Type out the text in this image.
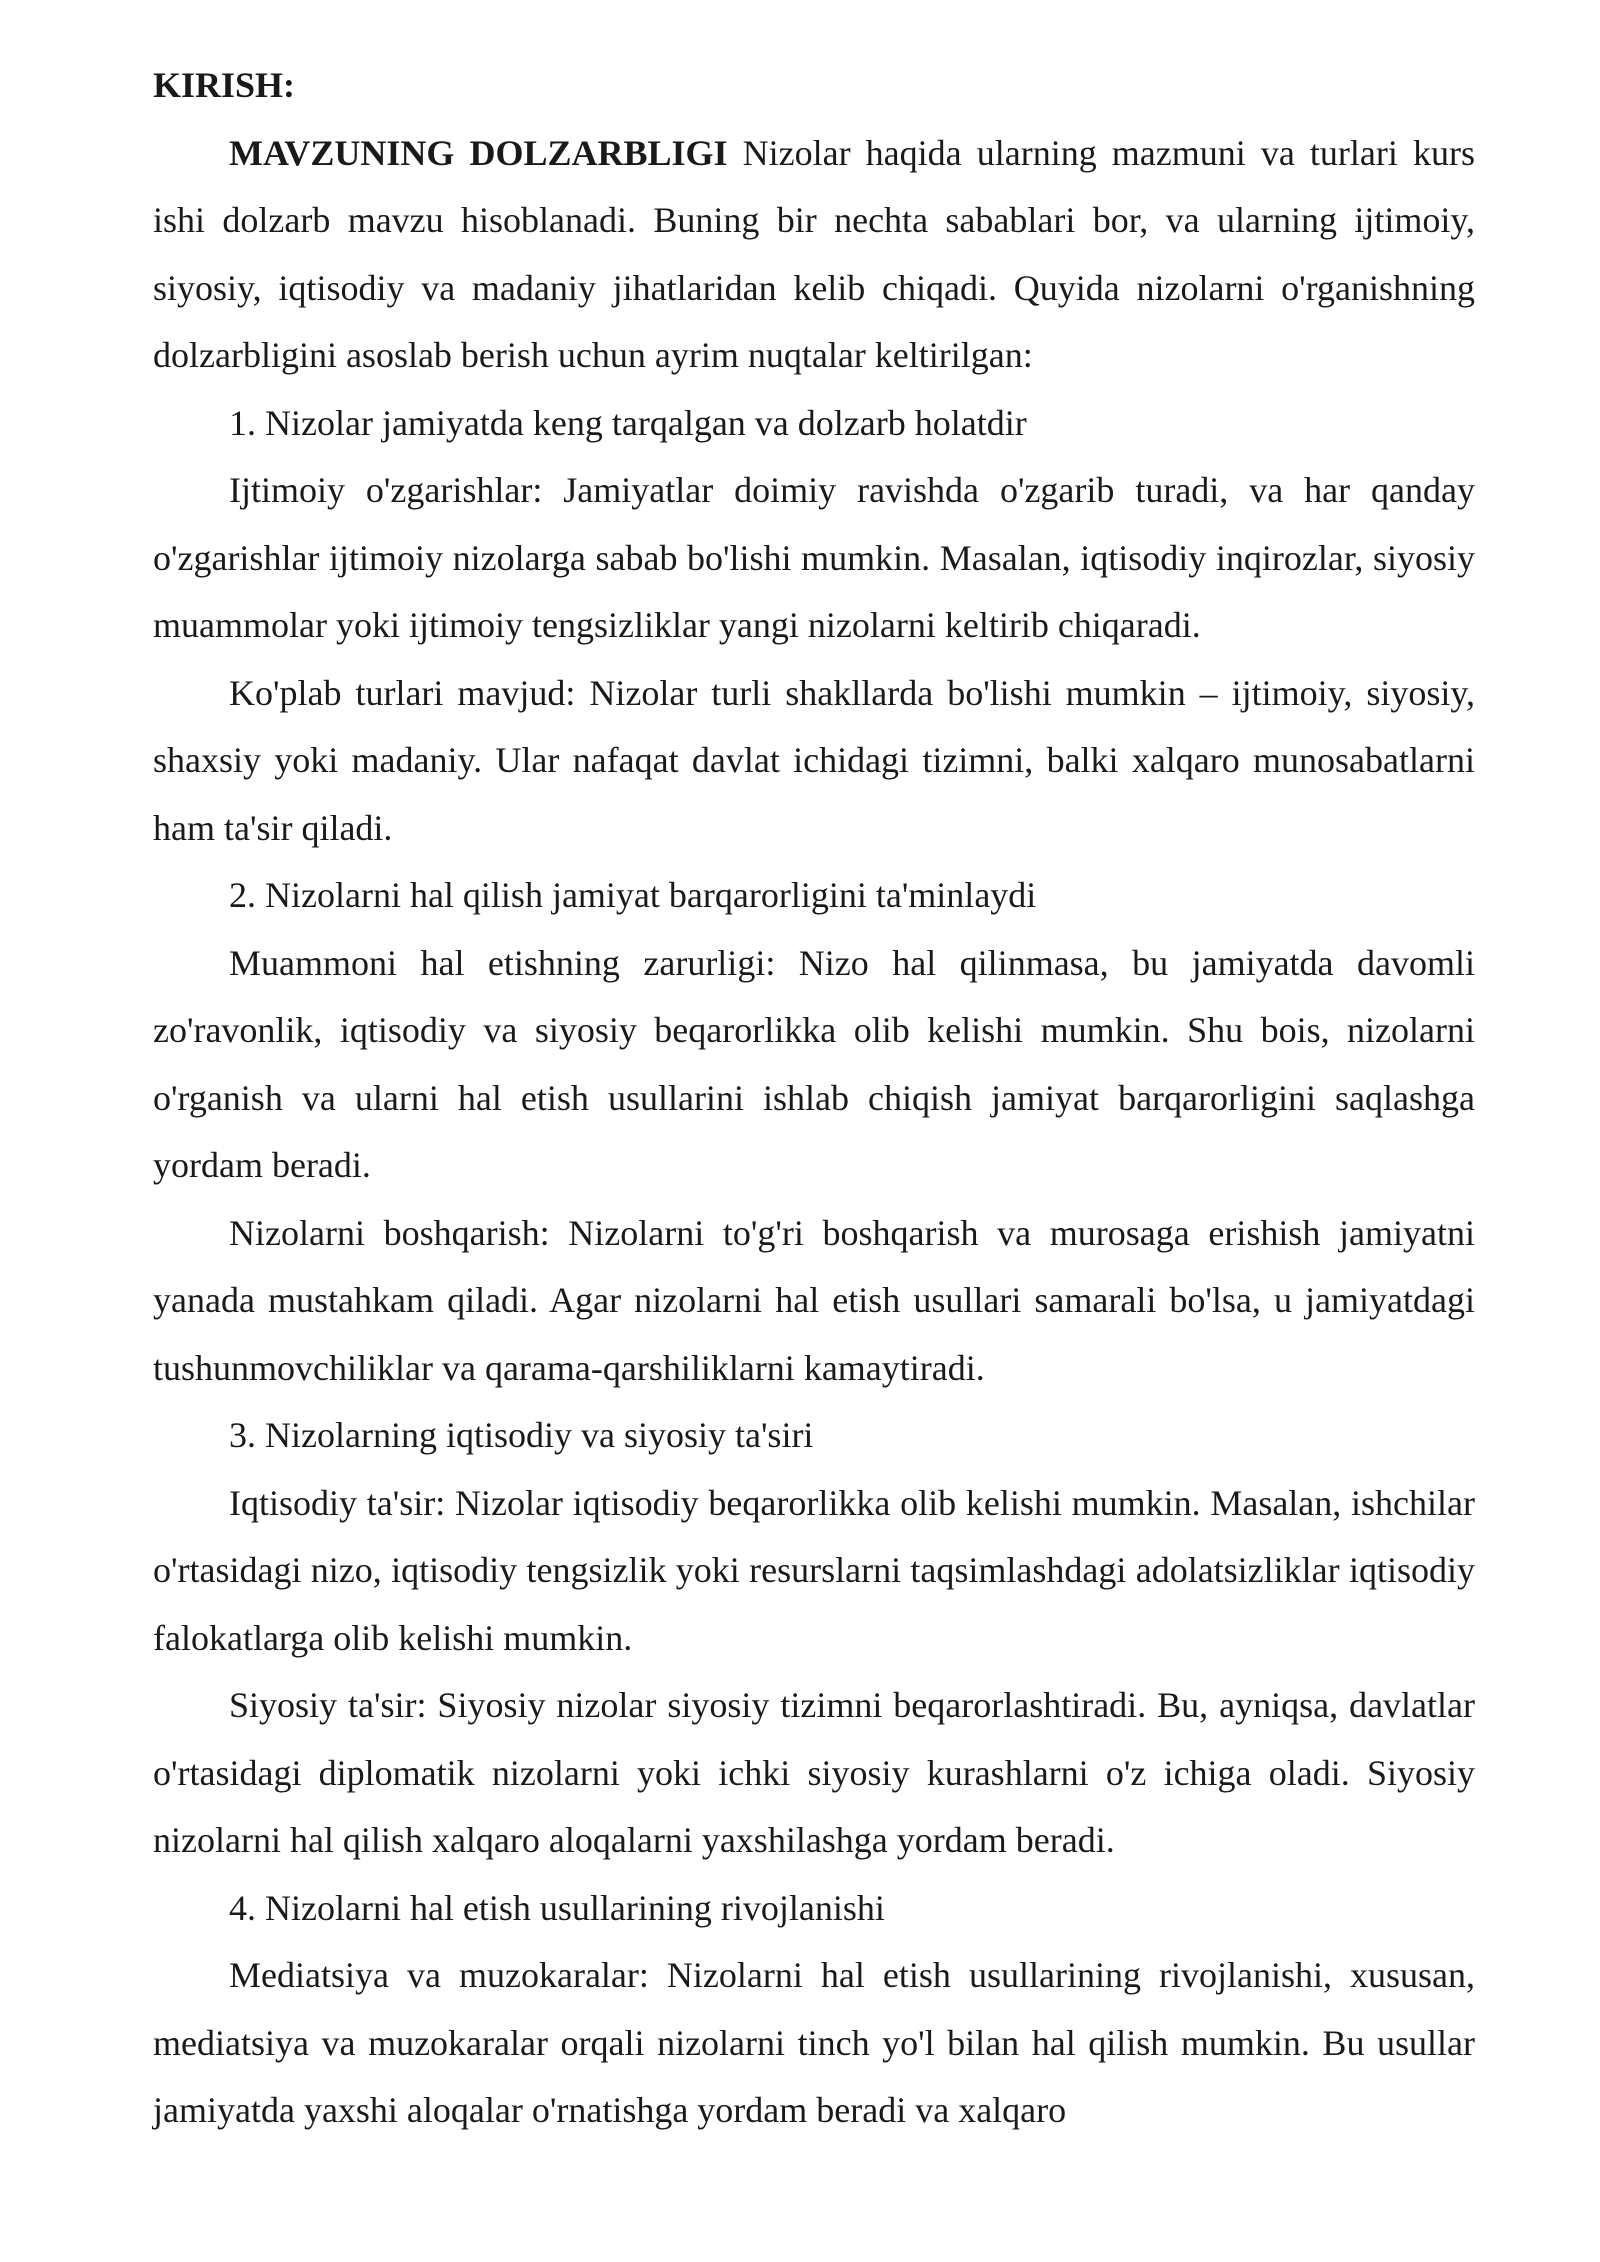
KIRISH:

MAVZUNING DOLZARBLIGI Nizolar haqida ularning mazmuni va turlari kurs ishi dolzarb mavzu hisoblanadi. Buning bir nechta sabablari bor, va ularning ijtimoiy, siyosiy, iqtisodiy va madaniy jihatlaridan kelib chiqadi. Quyida nizolarni o'rganishning dolzarbligini asoslab berish uchun ayrim nuqtalar keltirilgan:

1. Nizolar jamiyatda keng tarqalgan va dolzarb holatdir

Ijtimoiy o'zgarishlar: Jamiyatlar doimiy ravishda o'zgarib turadi, va har qanday o'zgarishlar ijtimoiy nizolarga sabab bo'lishi mumkin. Masalan, iqtisodiy inqirozlar, siyosiy muammolar yoki ijtimoiy tengsizliklar yangi nizolarni keltirib chiqaradi.

Ko'plab turlari mavjud: Nizolar turli shakllarda bo'lishi mumkin – ijtimoiy, siyosiy, shaxsiy yoki madaniy. Ular nafaqat davlat ichidagi tizimni, balki xalqaro munosabatlarni ham ta'sir qiladi.

2. Nizolarni hal qilish jamiyat barqarorligini ta'minlaydi

Muammoni hal etishning zarurligi: Nizo hal qilinmasa, bu jamiyatda davomli zo'ravonlik, iqtisodiy va siyosiy beqarorlikka olib kelishi mumkin. Shu bois, nizolarni o'rganish va ularni hal etish usullarini ishlab chiqish jamiyat barqarorligini saqlashga yordam beradi.

Nizolarni boshqarish: Nizolarni to'g'ri boshqarish va murosaga erishish jamiyatni yanada mustahkam qiladi. Agar nizolarni hal etish usullari samarali bo'lsa, u jamiyatdagi tushunmovchiliklar va qarama-qarshiliklarni kamaytiradi.

3. Nizolarning iqtisodiy va siyosiy ta'siri

Iqtisodiy ta'sir: Nizolar iqtisodiy beqarorlikka olib kelishi mumkin. Masalan, ishchilar o'rtasidagi nizo, iqtisodiy tengsizlik yoki resurslarni taqsimlashdagi adolatsizliklar iqtisodiy falokatlarga olib kelishi mumkin.

Siyosiy ta'sir: Siyosiy nizolar siyosiy tizimni beqarorlashtiradi. Bu, ayniqsa, davlatlar o'rtasidagi diplomatik nizolarni yoki ichki siyosiy kurashlarni o'z ichiga oladi. Siyosiy nizolarni hal qilish xalqaro aloqalarni yaxshilashga yordam beradi.

4. Nizolarni hal etish usullarining rivojlanishi

Mediatsiya va muzokaralar: Nizolarni hal etish usullarining rivojlanishi, xususan, mediatsiya va muzokaralar orqali nizolarni tinch yo'l bilan hal qilish mumkin. Bu usullar jamiyatda yaxshi aloqalar o'rnatishga yordam beradi va xalqaro
